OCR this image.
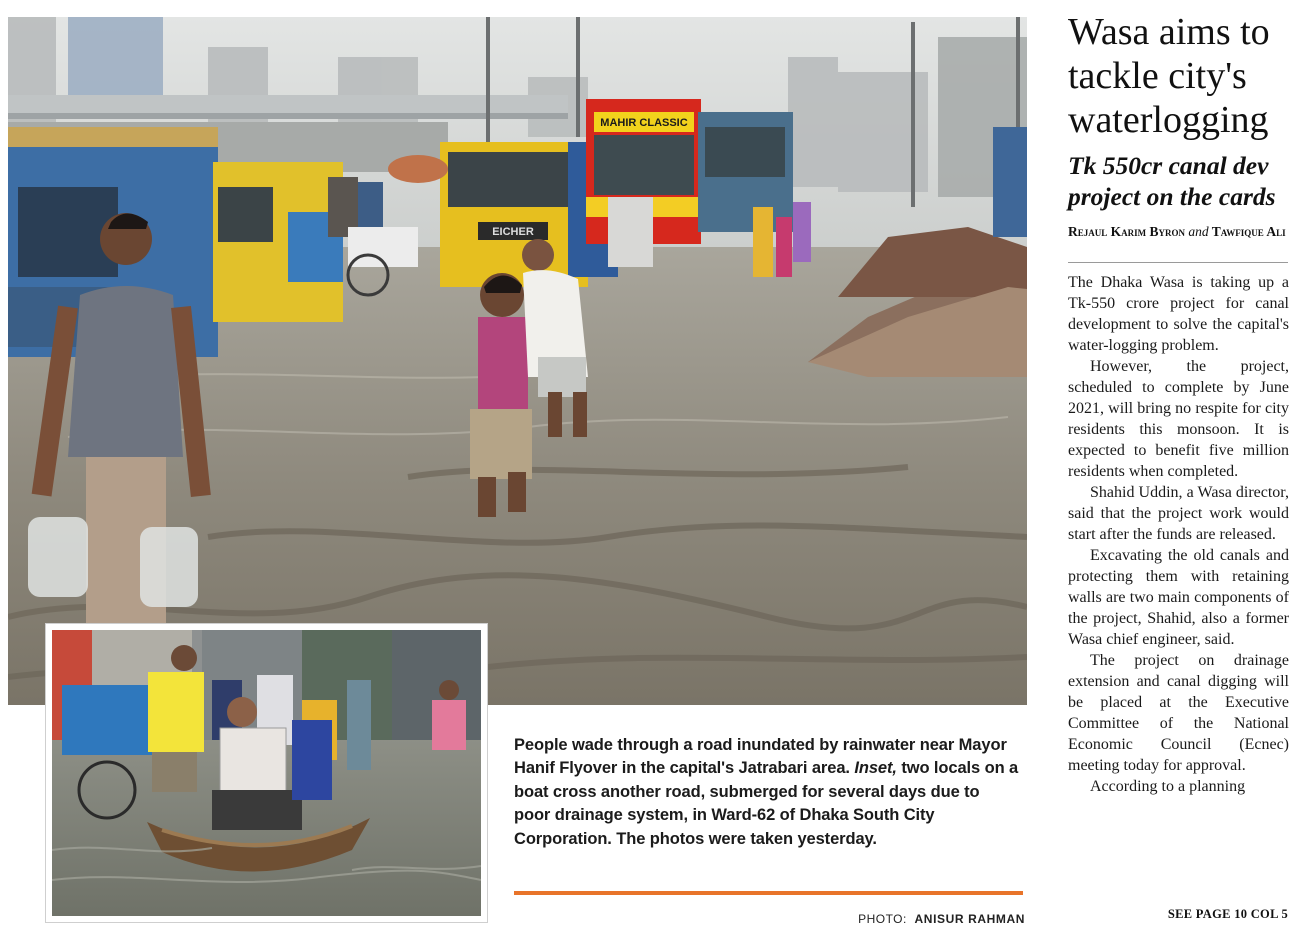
EICHER
MAHIR CLASSIC
People wade through a road inundated by rainwater near Mayor Hanif Flyover in the capital's Jatrabari area. Inset, two locals on a boat cross another road, submerged for several days due to poor drainage system, in Ward-62 of Dhaka South City Corporation. The photos were taken yesterday.
PHOTO: ANISUR RAHMAN
Wasa aims to tackle city's waterlogging
Tk 550cr canal dev project on the cards
Rejaul Karim Byron and Tawfique Ali

The Dhaka Wasa is taking up a Tk-550 crore project for canal development to solve the capital's water-logging problem.

However, the project, scheduled to complete by June 2021, will bring no respite for city residents this monsoon. It is expected to benefit five million residents when completed.

Shahid Uddin, a Wasa director, said that the project work would start after the funds are released.

Excavating the old canals and protecting them with retaining walls are two main components of the project, Shahid, also a former Wasa chief engineer, said.

The project on drainage extension and canal digging will be placed at the Executive Committee of the National Economic Council (Ecnec) meeting today for approval.

According to a planning

SEE PAGE 10 COL 5
